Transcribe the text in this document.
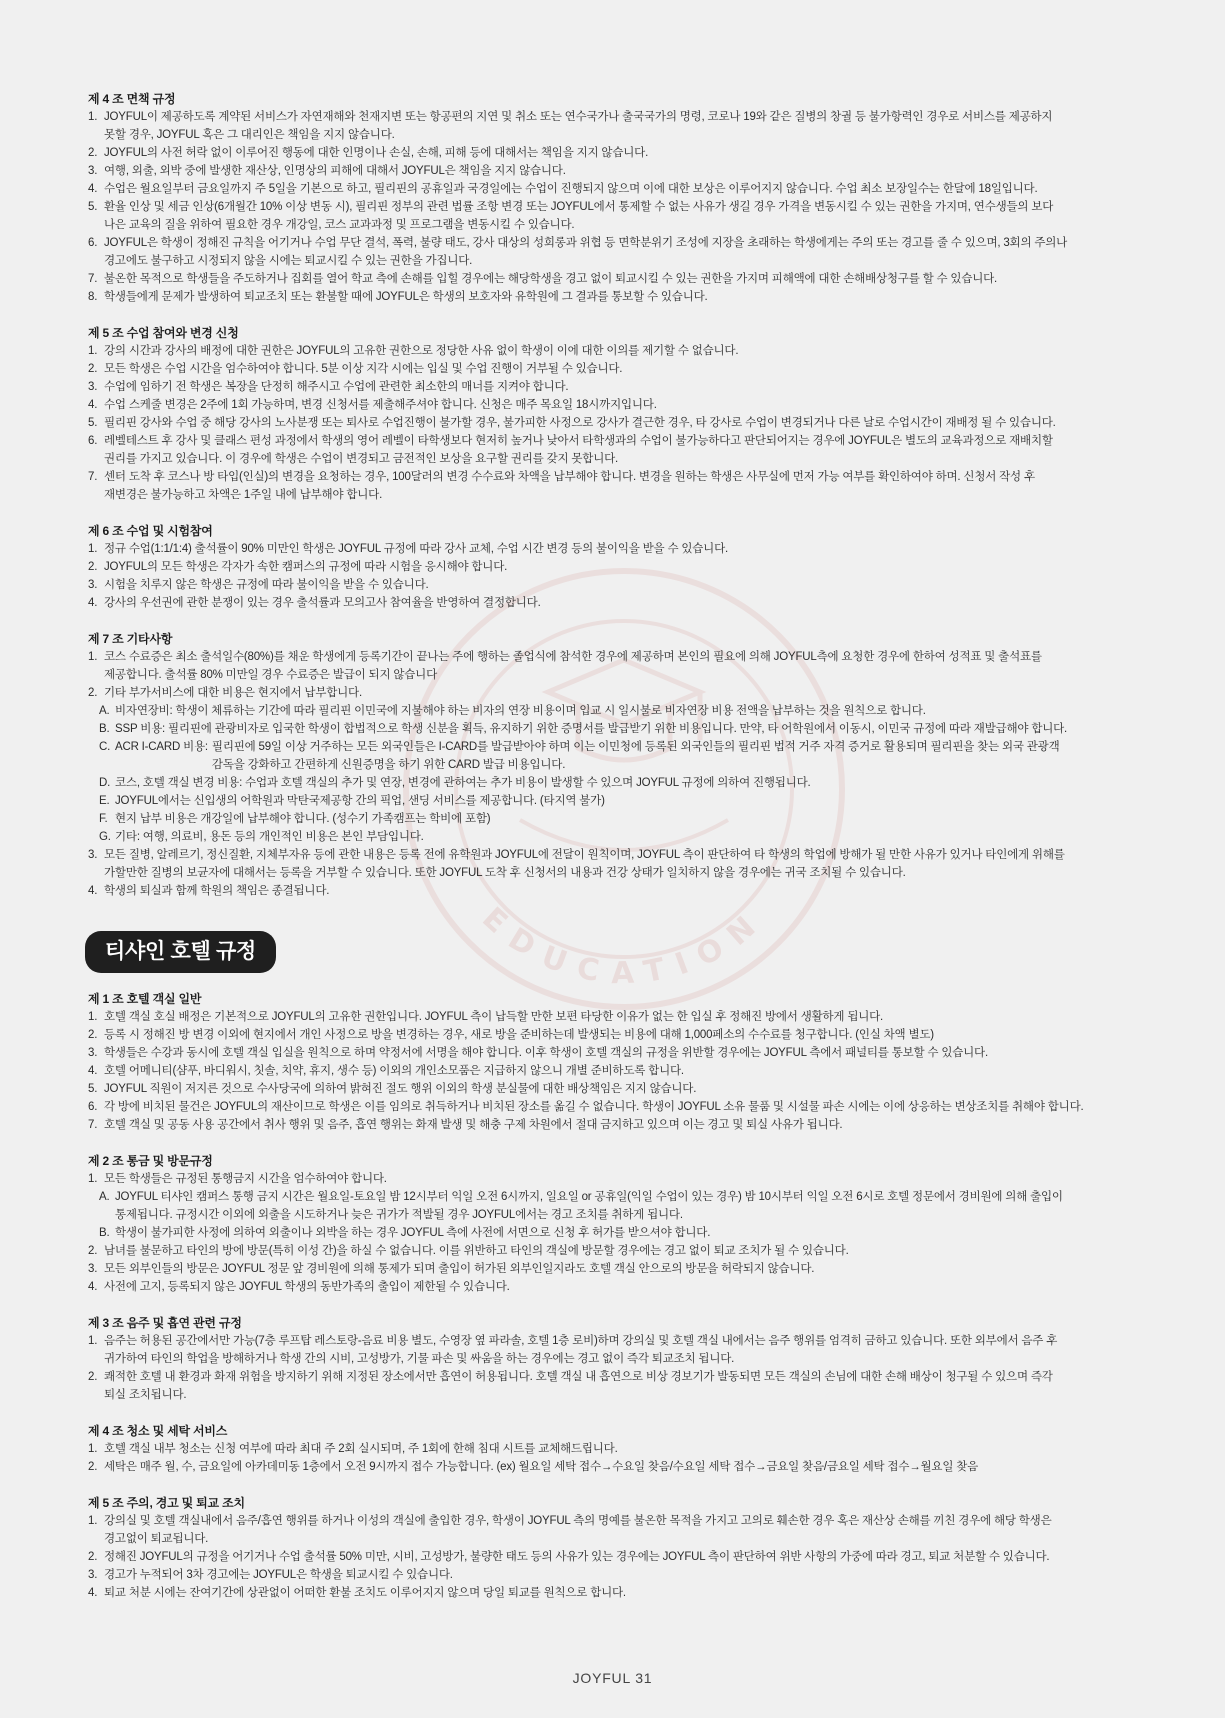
EDUCATION
제 4 조 면책 규정
1. JOYFUL이 제공하도록 계약된 서비스가 자연재해와 천재지변 또는 항공편의 지연 및 취소 또는 연수국가나 출국국가의 명령, 코로나 19와 같은 질병의 창궐 등 불가항력인 경우로 서비스를 제공하지
못할 경우, JOYFUL 혹은 그 대리인은 책임을 지지 않습니다.
2. JOYFUL의 사전 허락 없이 이루어진 행동에 대한 인명이나 손실, 손해, 피해 등에 대해서는 책임을 지지 않습니다.
3. 여행, 외출, 외박 중에 발생한 재산상, 인명상의 피해에 대해서 JOYFUL은 책임을 지지 않습니다.
4. 수업은 월요일부터 금요일까지 주 5일을 기본으로 하고, 필리핀의 공휴일과 국경일에는 수업이 진행되지 않으며 이에 대한 보상은 이루어지지 않습니다. 수업 최소 보장일수는 한달에 18일입니다.
5. 환율 인상 및 세금 인상(6개월간 10% 이상 변동 시), 필리핀 정부의 관련 법률 조항 변경 또는 JOYFUL에서 통제할 수 없는 사유가 생길 경우 가격을 변동시킬 수 있는 권한을 가지며, 연수생들의 보다
나은 교육의 질을 위하여 필요한 경우 개강일, 코스 교과과정 및 프로그램을 변동시킬 수 있습니다.
6. JOYFUL은 학생이 정해진 규칙을 어기거나 수업 무단 결석, 폭력, 불량 태도, 강사 대상의 성희롱과 위협 등 면학분위기 조성에 지장을 초래하는 학생에게는 주의 또는 경고를 줄 수 있으며, 3회의 주의나
경고에도 불구하고 시정되지 않을 시에는 퇴교시킬 수 있는 권한을 가집니다.
7. 불온한 목적으로 학생들을 주도하거나 집회를 열어 학교 측에 손해를 입힐 경우에는 해당학생을 경고 없이 퇴교시킬 수 있는 권한을 가지며 피해액에 대한 손해배상청구를 할 수 있습니다.
8. 학생들에게 문제가 발생하여 퇴교조치 또는 환불할 때에 JOYFUL은 학생의 보호자와 유학원에 그 결과를 통보할 수 있습니다.
제 5 조 수업 참여와 변경 신청
1. 강의 시간과 강사의 배정에 대한 권한은 JOYFUL의 고유한 권한으로 정당한 사유 없이 학생이 이에 대한 이의를 제기할 수 없습니다.
2. 모든 학생은 수업 시간을 엄수하여야 합니다. 5분 이상 지각 시에는 입실 및 수업 진행이 거부될 수 있습니다.
3. 수업에 임하기 전 학생은 복장을 단정히 해주시고 수업에 관련한 최소한의 매너를 지켜야 합니다.
4. 수업 스케줄 변경은 2주에 1회 가능하며, 변경 신청서를 제출해주셔야 합니다. 신청은 매주 목요일 18시까지입니다.
5. 필리핀 강사와 수업 중 해당 강사의 노사분쟁 또는 퇴사로 수업진행이 불가할 경우, 불가피한 사정으로 강사가 결근한 경우, 타 강사로 수업이 변경되거나 다른 날로 수업시간이 재배정 될 수 있습니다.
6. 레벨테스트 후 강사 및 클래스 편성 과정에서 학생의 영어 레벨이 타학생보다 현저히 높거나 낮아서 타학생과의 수업이 불가능하다고 판단되어지는 경우에 JOYFUL은 별도의 교육과정으로 재배치할
권리를 가지고 있습니다. 이 경우에 학생은 수업이 변경되고 금전적인 보상을 요구할 권리를 갖지 못합니다.
7. 센터 도착 후 코스나 방 타입(인실)의 변경을 요청하는 경우, 100달러의 변경 수수료와 차액을 납부해야 합니다. 변경을 원하는 학생은 사무실에 먼저 가능 여부를 확인하여야 하며. 신청서 작성 후
재변경은 불가능하고 차액은 1주일 내에 납부해야 합니다.
제 6 조 수업 및 시험참여
1. 정규 수업(1:1/1:4) 출석률이 90% 미만인 학생은 JOYFUL 규정에 따라 강사 교체, 수업 시간 변경 등의 불이익을 받을 수 있습니다.
2. JOYFUL의 모든 학생은 각자가 속한 캠퍼스의 규정에 따라 시험을 응시해야 합니다.
3. 시험을 치루지 않은 학생은 규정에 따라 불이익을 받을 수 있습니다.
4. 강사의 우선권에 관한 분쟁이 있는 경우 출석률과 모의고사 참여율을 반영하여 결정합니다.
제 7 조 기타사항
1. 코스 수료증은 최소 출석일수(80%)를 채운 학생에게 등록기간이 끝나는 주에 행하는 졸업식에 참석한 경우에 제공하며 본인의 필요에 의해 JOYFUL측에 요청한 경우에 한하여 성적표 및 출석표를
제공합니다. 출석률 80% 미만일 경우 수료증은 발급이 되지 않습니다
2. 기타 부가서비스에 대한 비용은 현지에서 납부합니다.
A. 비자연장비: 학생이 체류하는 기간에 따라 필리핀 이민국에 지불해야 하는 비자의 연장 비용이며 입교 시 일시불로 비자연장 비용 전액을 납부하는 것을 원칙으로 합니다.
B. SSP 비용: 필리핀에 관광비자로 입국한 학생이 합법적으로 학생 신분을 획득, 유지하기 위한 증명서를 발급받기 위한 비용입니다. 만약, 타 어학원에서 이동시, 이민국 규정에 따라 재발급해야 합니다.
C. ACR I-CARD 비용: 필리핀에 59일 이상 거주하는 모든 외국인들은 I-CARD를 발급받아야 하며 이는 이민청에 등록된 외국인들의 필리핀 법적 거주 자격 증거로 활용되며 필리핀을 찾는 외국 관광객
감독을 강화하고 간편하게 신원증명을 하기 위한 CARD 발급 비용입니다.
D. 코스, 호텔 객실 변경 비용: 수업과 호텔 객실의 추가 및 연장, 변경에 관하여는 추가 비용이 발생할 수 있으며 JOYFUL 규정에 의하여 진행됩니다.
E. JOYFUL에서는 신입생의 어학원과 막탄국제공항 간의 픽업, 샌딩 서비스를 제공합니다. (타지역 불가)
F. 현지 납부 비용은 개강일에 납부해야 합니다. (성수기 가족캠프는 학비에 포함)
G. 기타: 여행, 의료비, 용돈 등의 개인적인 비용은 본인 부담입니다.
3. 모든 질병, 알레르기, 정신질환, 지체부자유 등에 관한 내용은 등록 전에 유학원과 JOYFUL에 전달이 원칙이며, JOYFUL 측이 판단하여 타 학생의 학업에 방해가 될 만한 사유가 있거나 타인에게 위해를
가할만한 질병의 보균자에 대해서는 등록을 거부할 수 있습니다. 또한 JOYFUL 도착 후 신청서의 내용과 건강 상태가 일치하지 않을 경우에는 귀국 조치될 수 있습니다.
4. 학생의 퇴실과 함께 학원의 책임은 종결됩니다.
티샤인 호텔 규정
제 1 조 호텔 객실 일반
1. 호텔 객실 호실 배정은 기본적으로 JOYFUL의 고유한 권한입니다. JOYFUL 측이 납득할 만한 보편 타당한 이유가 없는 한 입실 후 정해진 방에서 생활하게 됩니다.
2. 등록 시 정해진 방 변경 이외에 현지에서 개인 사정으로 방을 변경하는 경우, 새로 방을 준비하는데 발생되는 비용에 대해 1,000페소의 수수료를 청구합니다. (인실 차액 별도)
3. 학생들은 수강과 동시에 호텔 객실 입실을 원칙으로 하며 약정서에 서명을 해야 합니다. 이후 학생이 호텔 객실의 규정을 위반할 경우에는 JOYFUL 측에서 패널티를 통보할 수 있습니다.
4. 호텔 어메니티(샴푸, 바디워시, 칫솔, 치약, 휴지, 생수 등) 이외의 개인소모품은 지급하지 않으니 개별 준비하도록 합니다.
5. JOYFUL 직원이 저지른 것으로 수사당국에 의하여 밝혀진 절도 행위 이외의 학생 분실물에 대한 배상책임은 지지 않습니다.
6. 각 방에 비치된 물건은 JOYFUL의 재산이므로 학생은 이를 임의로 취득하거나 비치된 장소를 옮길 수 없습니다. 학생이 JOYFUL 소유 물품 및 시설물 파손 시에는 이에 상응하는 변상조치를 취해야 합니다.
7. 호텔 객실 및 공동 사용 공간에서 취사 행위 및 음주, 흡연 행위는 화재 발생 및 해충 구제 차원에서 절대 금지하고 있으며 이는 경고 및 퇴실 사유가 됩니다.
제 2 조 통금 및 방문규정
1. 모든 학생들은 규정된 통행금지 시간을 엄수하여야 합니다.
A. JOYFUL 티샤인 캠퍼스 통행 금지 시간은 월요일-토요일 밤 12시부터 익일 오전 6시까지, 일요일 or 공휴일(익일 수업이 있는 경우) 밤 10시부터 익일 오전 6시로 호텔 정문에서 경비원에 의해 출입이
통제됩니다. 규정시간 이외에 외출을 시도하거나 늦은 귀가가 적발될 경우 JOYFUL에서는 경고 조치를 취하게 됩니다.
B. 학생이 불가피한 사정에 의하여 외출이나 외박을 하는 경우 JOYFUL 측에 사전에 서면으로 신청 후 허가를 받으셔야 합니다.
2. 남녀를 불문하고 타인의 방에 방문(특히 이성 간)을 하실 수 없습니다. 이를 위반하고 타인의 객실에 방문할 경우에는 경고 없이 퇴교 조치가 될 수 있습니다.
3. 모든 외부인들의 방문은 JOYFUL 정문 앞 경비원에 의해 통제가 되며 출입이 허가된 외부인일지라도 호텔 객실 안으로의 방문을 허락되지 않습니다.
4. 사전에 고지, 등록되지 않은 JOYFUL 학생의 동반가족의 출입이 제한될 수 있습니다.
제 3 조 음주 및 흡연 관련 규정
1. 음주는 허용된 공간에서만 가능(7층 루프탑 레스토랑-음료 비용 별도, 수영장 옆 파라솔, 호텔 1층 로비)하며 강의실 및 호텔 객실 내에서는 음주 행위를 엄격히 금하고 있습니다. 또한 외부에서 음주 후
귀가하여 타인의 학업을 방해하거나 학생 간의 시비, 고성방가, 기물 파손 및 싸움을 하는 경우에는 경고 없이 즉각 퇴교조치 됩니다.
2. 쾌적한 호텔 내 환경과 화재 위험을 방지하기 위해 지정된 장소에서만 흡연이 허용됩니다. 호텔 객실 내 흡연으로 비상 경보기가 발동되면 모든 객실의 손님에 대한 손해 배상이 청구될 수 있으며 즉각
퇴실 조치됩니다.
제 4 조 청소 및 세탁 서비스
1. 호텔 객실 내부 청소는 신청 여부에 따라 최대 주 2회 실시되며, 주 1회에 한해 침대 시트를 교체해드립니다.
2. 세탁은 매주 월, 수, 금요일에 아카데미동 1층에서 오전 9시까지 접수 가능합니다. (ex) 월요일 세탁 접수→수요일 찾음/수요일 세탁 접수→금요일 찾음/금요일 세탁 접수→월요일 찾음
제 5 조 주의, 경고 및 퇴교 조치
1. 강의실 및 호텔 객실내에서 음주/흡연 행위를 하거나 이성의 객실에 출입한 경우, 학생이 JOYFUL 측의 명예를 불온한 목적을 가지고 고의로 훼손한 경우 혹은 재산상 손해를 끼친 경우에 해당 학생은
경고없이 퇴교됩니다.
2. 정해진 JOYFUL의 규정을 어기거나 수업 출석률 50% 미만, 시비, 고성방가, 불량한 태도 등의 사유가 있는 경우에는 JOYFUL 측이 판단하여 위반 사항의 가중에 따라 경고, 퇴교 처분할 수 있습니다.
3. 경고가 누적되어 3차 경고에는 JOYFUL은 학생을 퇴교시킬 수 있습니다.
4. 퇴교 처분 시에는 잔여기간에 상관없이 어떠한 환불 조치도 이루어지지 않으며 당일 퇴교를 원칙으로 합니다.
JOYFUL 31
